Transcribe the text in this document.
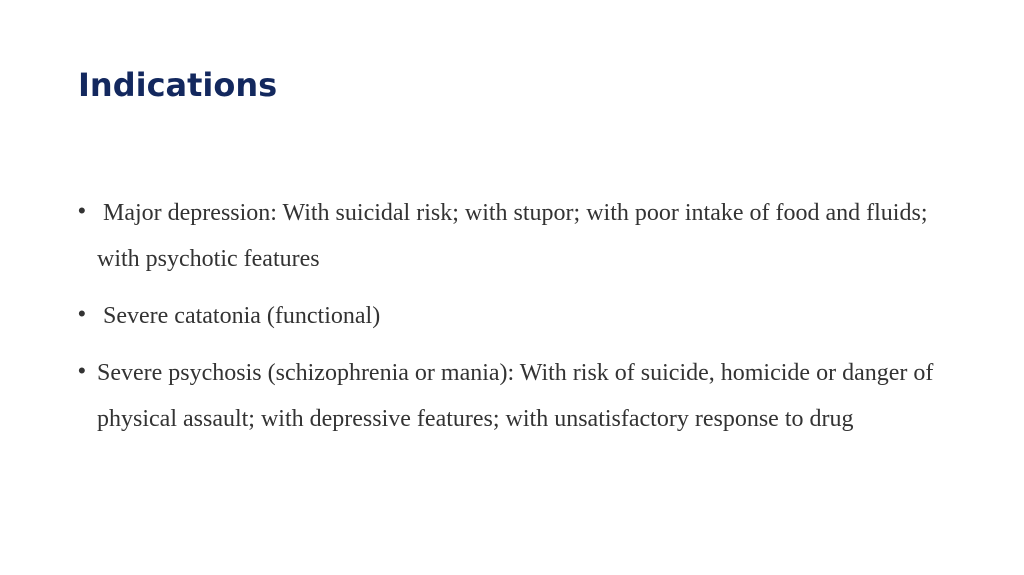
Indications
• Major depression: With suicidal risk; with stupor; with poor intake of food and fluids; with psychotic features
• Severe catatonia (functional)
• Severe psychosis (schizophrenia or mania): With risk of suicide, homicide or danger of physical assault; with depressive features; with unsatisfactory response to drug
